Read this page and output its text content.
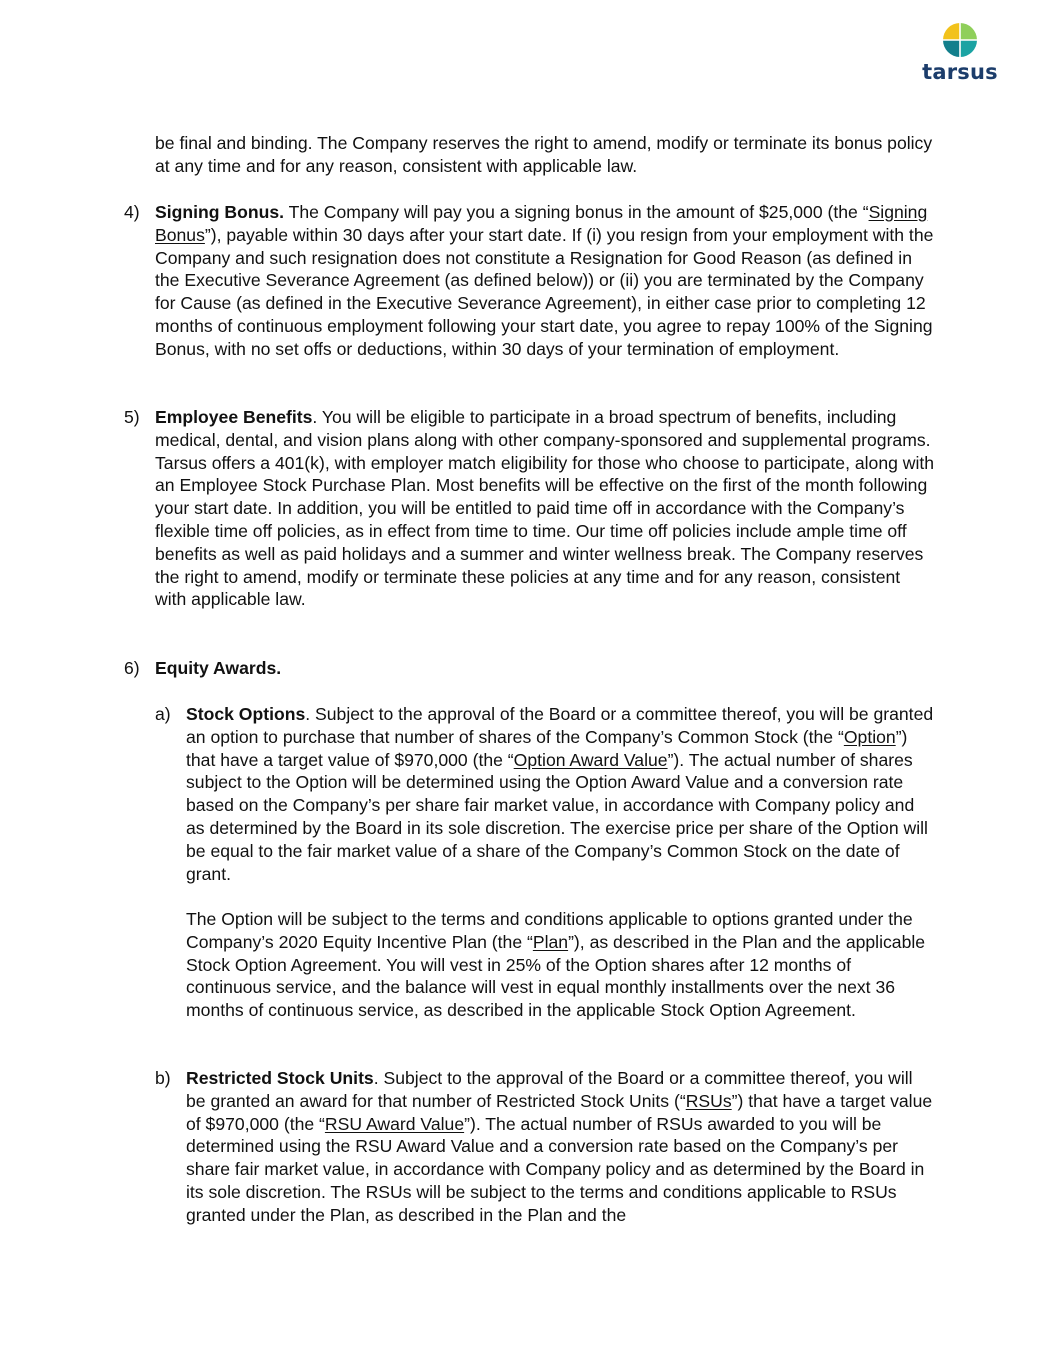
tarsus

be final and binding. The Company reserves the right to amend, modify or terminate its bonus policy at any time and for any reason, consistent with applicable law.

4) Signing Bonus. The Company will pay you a signing bonus in the amount of $25,000 (the “Signing Bonus”), payable within 30 days after your start date. If (i) you resign from your employment with the Company and such resignation does not constitute a Resignation for Good Reason (as defined in the Executive Severance Agreement (as defined below)) or (ii) you are terminated by the Company for Cause (as defined in the Executive Severance Agreement), in either case prior to completing 12 months of continuous employment following your start date, you agree to repay 100% of the Signing Bonus, with no set offs or deductions, within 30 days of your termination of employment.

5) Employee Benefits. You will be eligible to participate in a broad spectrum of benefits, including medical, dental, and vision plans along with other company-sponsored and supplemental programs. Tarsus offers a 401(k), with employer match eligibility for those who choose to participate, along with an Employee Stock Purchase Plan. Most benefits will be effective on the first of the month following your start date. In addition, you will be entitled to paid time off in accordance with the Company’s flexible time off policies, as in effect from time to time. Our time off policies include ample time off benefits as well as paid holidays and a summer and winter wellness break. The Company reserves the right to amend, modify or terminate these policies at any time and for any reason, consistent with applicable law.

6) Equity Awards.

a) Stock Options. Subject to the approval of the Board or a committee thereof, you will be granted an option to purchase that number of shares of the Company’s Common Stock (the “Option”) that have a target value of $970,000 (the “Option Award Value”). The actual number of shares subject to the Option will be determined using the Option Award Value and a conversion rate based on the Company’s per share fair market value, in accordance with Company policy and as determined by the Board in its sole discretion. The exercise price per share of the Option will be equal to the fair market value of a share of the Company’s Common Stock on the date of grant.

The Option will be subject to the terms and conditions applicable to options granted under the Company’s 2020 Equity Incentive Plan (the “Plan”), as described in the Plan and the applicable Stock Option Agreement. You will vest in 25% of the Option shares after 12 months of continuous service, and the balance will vest in equal monthly installments over the next 36 months of continuous service, as described in the applicable Stock Option Agreement.

b) Restricted Stock Units. Subject to the approval of the Board or a committee thereof, you will be granted an award for that number of Restricted Stock Units (“RSUs”) that have a target value of $970,000 (the “RSU Award Value”). The actual number of RSUs awarded to you will be determined using the RSU Award Value and a conversion rate based on the Company’s per share fair market value, in accordance with Company policy and as determined by the Board in its sole discretion. The RSUs will be subject to the terms and conditions applicable to RSUs granted under the Plan, as described in the Plan and the
